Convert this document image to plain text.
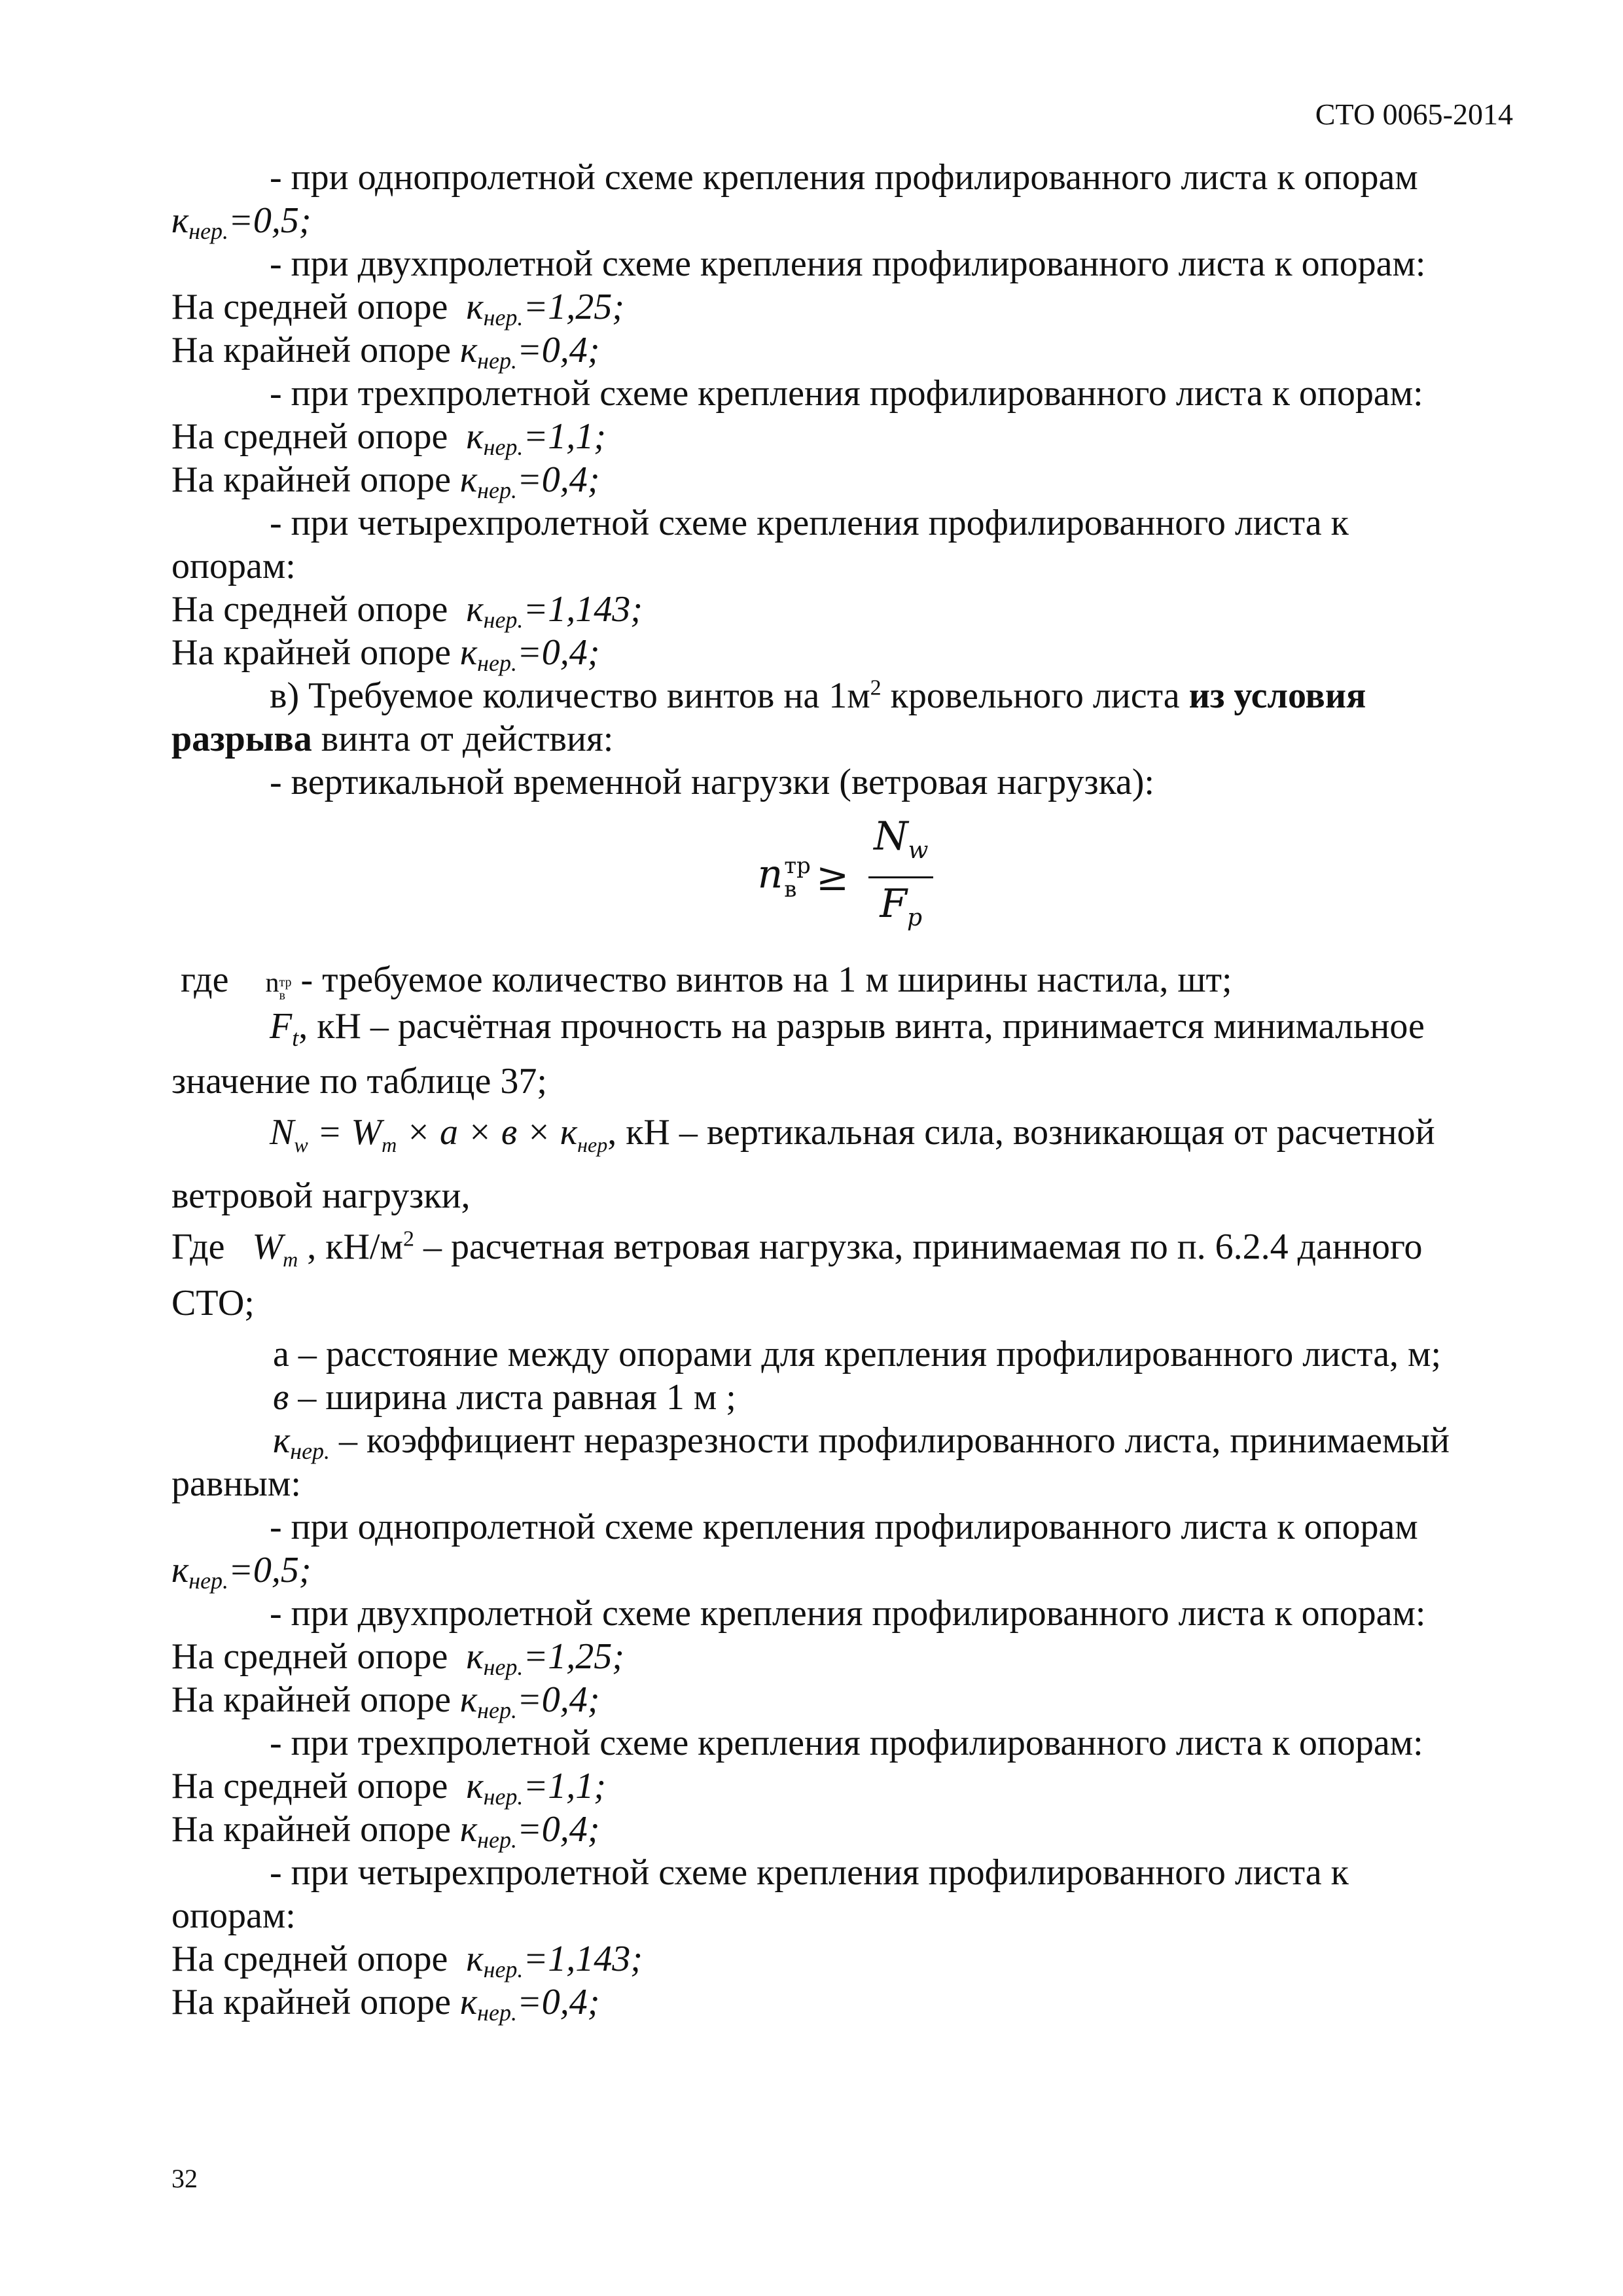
СТО 0065-2014

- при однопролетной схеме крепления профилированного листа к опорам

$к_{нер.}=0,5$;

- при двухпролетной схеме крепления профилированного листа к опорам:

На средней опоре $к_{нер.}=1,25$;

На крайней опоре $к_{нер.}=0,4$;

- при трехпролетной схеме крепления профилированного листа к опорам:

На средней опоре $к_{нер.}=1,1$;

На крайней опоре $к_{нер.}=0,4$;

- при четырехпролетной схеме крепления профилированного листа к

опорам:

На средней опоре $к_{нер.}=1,143$;

На крайней опоре $к_{нер.}=0,4$;

в) Требуемое количество винтов на $1м^2$ кровельного листа из условия

разрыва винта от действия:

- вертикальной временной нагрузки (ветровая нагрузка):

n тр
$в \ge \frac{N_w}{F_p}$

где n тр
в - требуемое количество винтов на 1 м ширины настила, шт;

$F_t$, кН – расчётная прочность на разрыв винта, принимается минимальное

значение по таблице 37;

$N_w = W_m \times a \times в \times к_{нер}$, кН – вертикальная сила, возникающая от расчетной

ветровой нагрузки,

Где $W_m$ , $кН/м^2$ – расчетная ветровая нагрузка, принимаемая по п. 6.2.4 данного

СТО;

а – расстояние между опорами для крепления профилированного листа, м;

в – ширина листа равная 1 м ;

$к_{нер.}$ – коэффициент неразрезности профилированного листа, принимаемый

равным:

- при однопролетной схеме крепления профилированного листа к опорам

$к_{нер.}=0,5$;

- при двухпролетной схеме крепления профилированного листа к опорам:

На средней опоре $к_{нер.}=1,25$;

На крайней опоре $к_{нер.}=0,4$;

- при трехпролетной схеме крепления профилированного листа к опорам:

На средней опоре $к_{нер.}=1,1$;

На крайней опоре $к_{нер.}=0,4$;

- при четырехпролетной схеме крепления профилированного листа к

опорам:

На средней опоре $к_{нер.}=1,143$;

На крайней опоре $к_{нер.}=0,4$;

32
